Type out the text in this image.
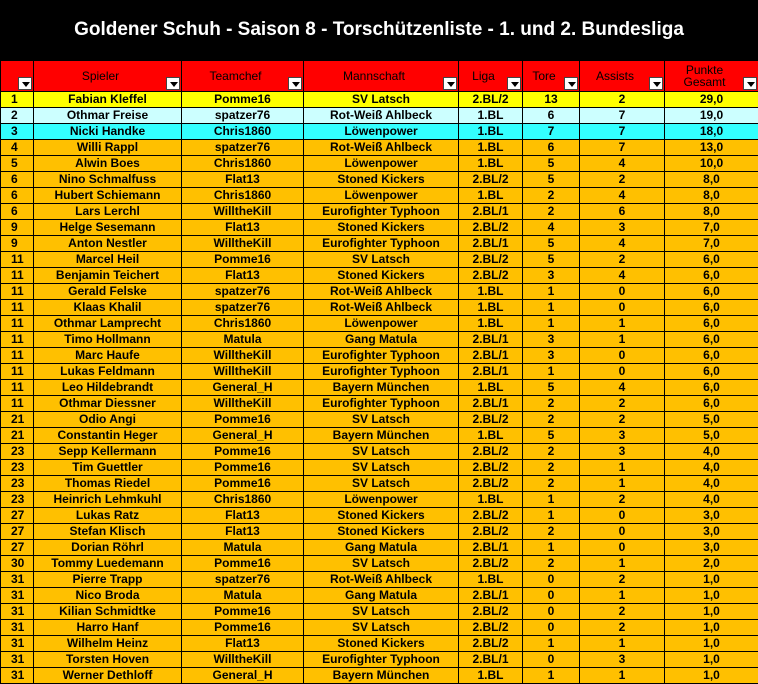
Goldener Schuh - Saison 8 - Torschützenliste - 1. und 2. Bundesliga

	Spieler	Teamchef	Mannschaft	Liga	Tore	Assists	Punkte Gesamt

1	Fabian Kleffel	Pomme16	SV Latsch	2.BL/2	13	2	29,0
2	Othmar Freise	spatzer76	Rot-Weiß Ahlbeck	1.BL	6	7	19,0
3	Nicki Handke	Chris1860	Löwenpower	1.BL	7	7	18,0
4	Willi Rappl	spatzer76	Rot-Weiß Ahlbeck	1.BL	6	7	13,0
5	Alwin Boes	Chris1860	Löwenpower	1.BL	5	4	10,0
6	Nino Schmalfuss	Flat13	Stoned Kickers	2.BL/2	5	2	8,0
6	Hubert Schiemann	Chris1860	Löwenpower	1.BL	2	4	8,0
6	Lars Lerchl	WilltheKill	Eurofighter Typhoon	2.BL/1	2	6	8,0
9	Helge Sesemann	Flat13	Stoned Kickers	2.BL/2	4	3	7,0
9	Anton Nestler	WilltheKill	Eurofighter Typhoon	2.BL/1	5	4	7,0
11	Marcel Heil	Pomme16	SV Latsch	2.BL/2	5	2	6,0
11	Benjamin Teichert	Flat13	Stoned Kickers	2.BL/2	3	4	6,0
11	Gerald Felske	spatzer76	Rot-Weiß Ahlbeck	1.BL	1	0	6,0
11	Klaas Khalil	spatzer76	Rot-Weiß Ahlbeck	1.BL	1	0	6,0
11	Othmar Lamprecht	Chris1860	Löwenpower	1.BL	1	1	6,0
11	Timo Hollmann	Matula	Gang Matula	2.BL/1	3	1	6,0
11	Marc Haufe	WilltheKill	Eurofighter Typhoon	2.BL/1	3	0	6,0
11	Lukas Feldmann	WilltheKill	Eurofighter Typhoon	2.BL/1	1	0	6,0
11	Leo Hildebrandt	General_H	Bayern München	1.BL	5	4	6,0
11	Othmar Diessner	WilltheKill	Eurofighter Typhoon	2.BL/1	2	2	6,0
21	Odio Angi	Pomme16	SV Latsch	2.BL/2	2	2	5,0
21	Constantin Heger	General_H	Bayern München	1.BL	5	3	5,0
23	Sepp Kellermann	Pomme16	SV Latsch	2.BL/2	2	3	4,0
23	Tim Guettler	Pomme16	SV Latsch	2.BL/2	2	1	4,0
23	Thomas Riedel	Pomme16	SV Latsch	2.BL/2	2	1	4,0
23	Heinrich Lehmkuhl	Chris1860	Löwenpower	1.BL	1	2	4,0
27	Lukas Ratz	Flat13	Stoned Kickers	2.BL/2	1	0	3,0
27	Stefan Klisch	Flat13	Stoned Kickers	2.BL/2	2	0	3,0
27	Dorian Röhrl	Matula	Gang Matula	2.BL/1	1	0	3,0
30	Tommy Luedemann	Pomme16	SV Latsch	2.BL/2	2	1	2,0
31	Pierre Trapp	spatzer76	Rot-Weiß Ahlbeck	1.BL	0	2	1,0
31	Nico Broda	Matula	Gang Matula	2.BL/1	0	1	1,0
31	Kilian Schmidtke	Pomme16	SV Latsch	2.BL/2	0	2	1,0
31	Harro Hanf	Pomme16	SV Latsch	2.BL/2	0	2	1,0
31	Wilhelm Heinz	Flat13	Stoned Kickers	2.BL/2	1	1	1,0
31	Torsten Hoven	WilltheKill	Eurofighter Typhoon	2.BL/1	0	3	1,0
31	Werner Dethloff	General_H	Bayern München	1.BL	1	1	1,0
